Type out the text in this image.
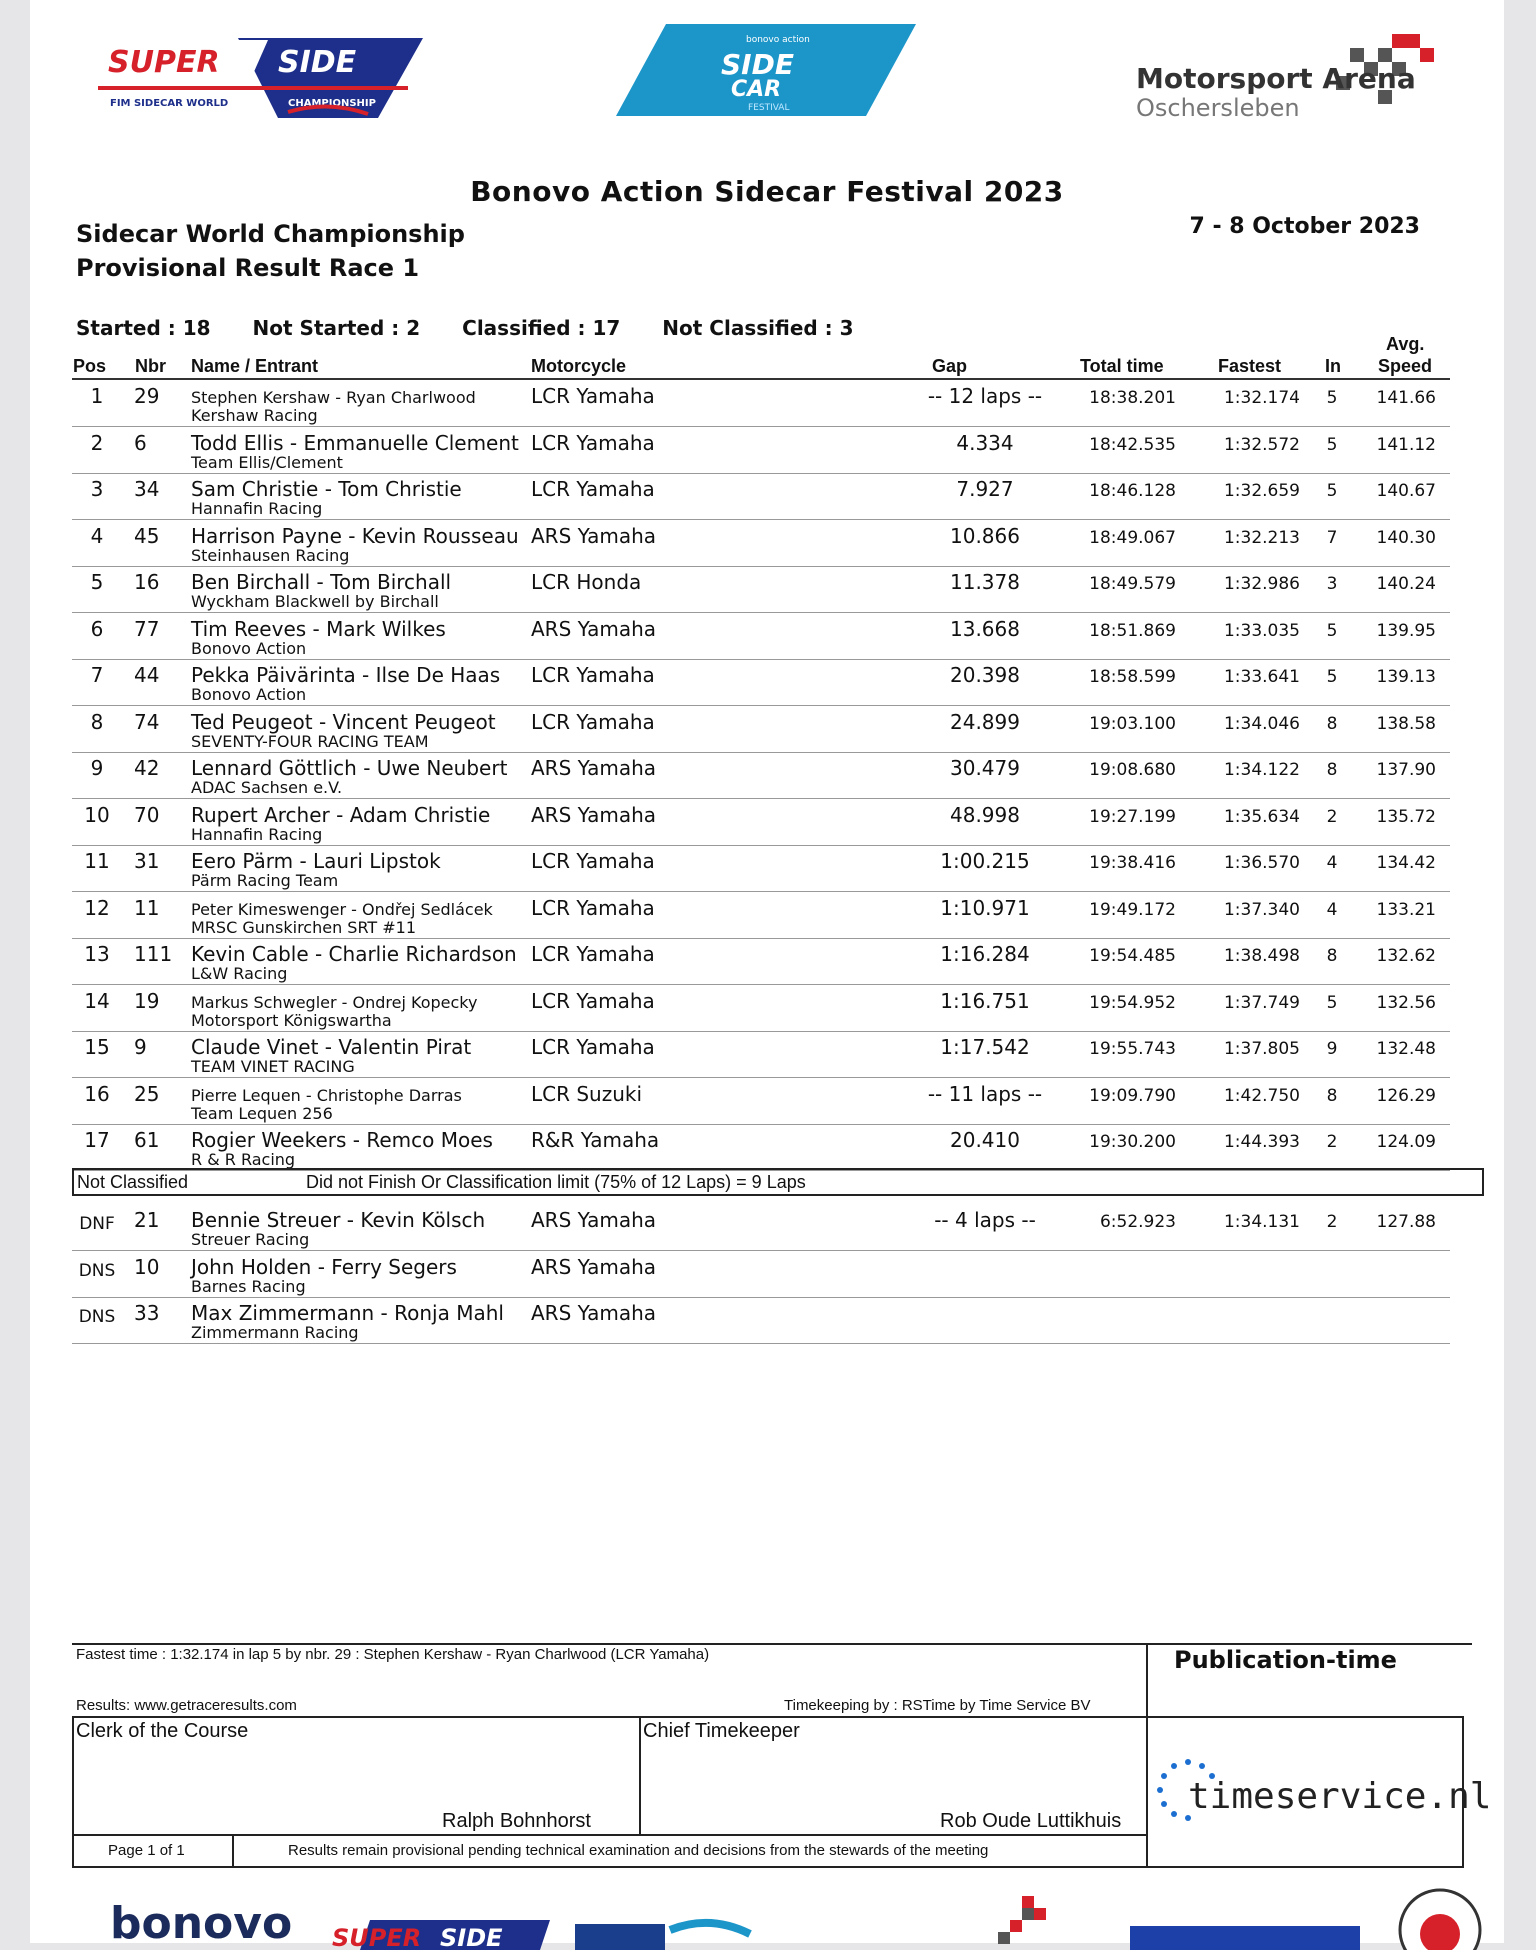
SUPER SIDE
FIM SIDECAR WORLD	CHAMPIONSHIP
bonovo action
SIDE
CAR
FESTIVAL
Motorsport Arena
Oschersleben
Bonovo Action Sidecar Festival 2023
Sidecar World Championship
Provisional Result Race 1
7 - 8 October 2023
Started : 18 Not Started : 2 Classified : 17 Not Classified : 3
Pos Nbr Name / Entrant	Motorcycle	Gap	Total time	Fastest In
Avg.
Speed
1	29 Stephen Kershaw - Ryan Charlwood
Kershaw Racing
LCR Yamaha	-- 12 laps --	18:38.201	1:32.174	5	141.66
2	6 Todd Ellis - Emmanuelle Clement
Team Ellis/Clement
LCR Yamaha	4.334	18:42.535	1:32.572	5	141.12
3	34 Sam Christie - Tom Christie
Hannafin Racing
LCR Yamaha	7.927	18:46.128	1:32.659	5	140.67
4	45 Harrison Payne - Kevin Rousseau
Steinhausen Racing
ARS Yamaha	10.866	18:49.067	1:32.213	7	140.30
5	16 Ben Birchall - Tom Birchall
Wyckham Blackwell by Birchall
LCR Honda	11.378	18:49.579	1:32.986	3	140.24
6	77 Tim Reeves - Mark Wilkes
Bonovo Action
ARS Yamaha	13.668	18:51.869	1:33.035	5	139.95
7	44 Pekka Päivärinta - Ilse De Haas
Bonovo Action
LCR Yamaha	20.398	18:58.599	1:33.641	5	139.13
8	74 Ted Peugeot - Vincent Peugeot
SEVENTY-FOUR RACING TEAM
LCR Yamaha	24.899	19:03.100	1:34.046	8	138.58
9	42 Lennard Göttlich - Uwe Neubert
ADAC Sachsen e.V.
ARS Yamaha	30.479	19:08.680	1:34.122	8	137.90
10	70 Rupert Archer - Adam Christie
Hannafin Racing
ARS Yamaha	48.998	19:27.199	1:35.634	2	135.72
11	31 Eero Pärm - Lauri Lipstok
Pärm Racing Team
LCR Yamaha	1:00.215	19:38.416	1:36.570	4	134.42
12	11 Peter Kimeswenger - Ondřej Sedlácek
MRSC Gunskirchen SRT #11
LCR Yamaha	1:10.971	19:49.172	1:37.340	4	133.21
13	111 Kevin Cable - Charlie Richardson
L&W Racing
LCR Yamaha	1:16.284	19:54.485	1:38.498	8	132.62
14	19 Markus Schwegler - Ondrej Kopecky
Motorsport Königswartha
LCR Yamaha	1:16.751	19:54.952	1:37.749	5	132.56
15	9 Claude Vinet - Valentin Pirat
TEAM VINET RACING
LCR Yamaha	1:17.542	19:55.743	1:37.805	9	132.48
16	25 Pierre Lequen - Christophe Darras
Team Lequen 256
LCR Suzuki	-- 11 laps --	19:09.790	1:42.750	8	126.29
17	61 Rogier Weekers - Remco Moes
R & R Racing
R&R Yamaha	20.410	19:30.200	1:44.393	2	124.09
Not Classified	Did not Finish Or Classification limit (75% of 12 Laps) = 9 Laps
DNF 21 Bennie Streuer - Kevin Kölsch
Streuer Racing
ARS Yamaha	-- 4 laps --	6:52.923	1:34.131	2	127.88
DNS 10 John Holden - Ferry Segers
Barnes Racing
ARS Yamaha
DNS 33 Max Zimmermann - Ronja Mahl
Zimmermann Racing
ARS Yamaha
Fastest time : 1:32.174 in lap 5 by nbr. 29 : Stephen Kershaw - Ryan Charlwood (LCR Yamaha)	Publication-time
Results: www.getraceresults.com	Timekeeping by : RSTime by Time Service BV
Clerk of the Course
Ralph Bohnhorst
Chief Timekeeper
Rob Oude Luttikhuis
Page 1 of 1	Results remain provisional pending technical examination and decisions from the stewards of the meeting
timeservice.nl
bonovo SUPER SIDE
